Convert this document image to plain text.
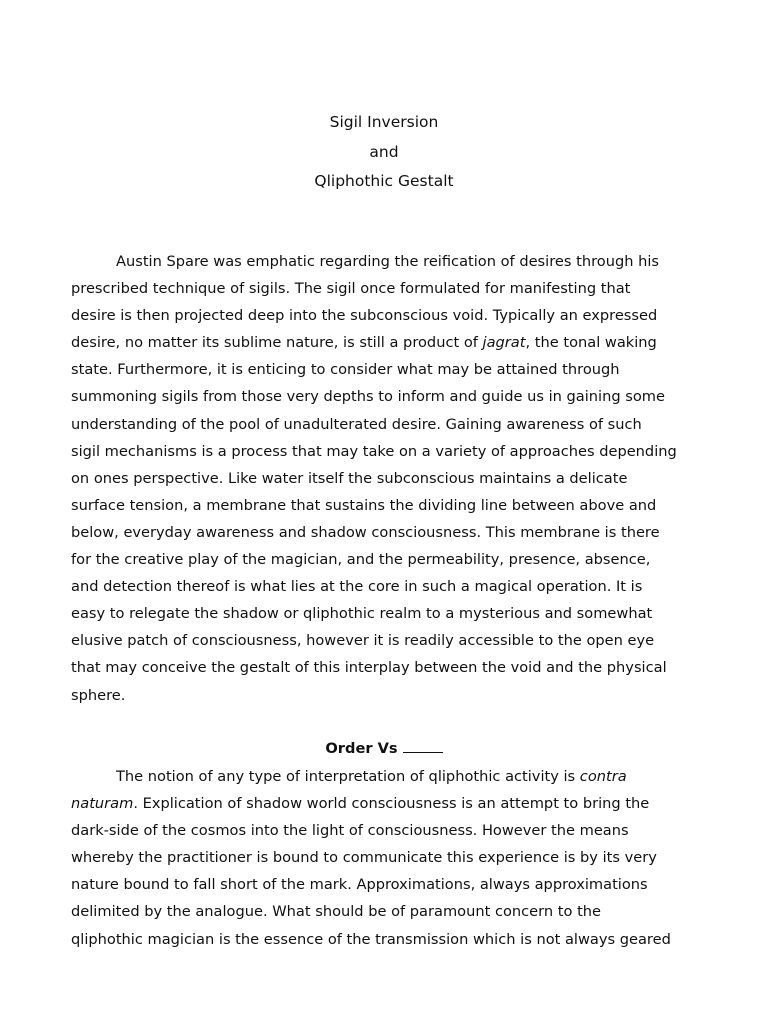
Sigil Inversion
and
Qliphothic Gestalt
Austin Spare was emphatic regarding the reification of desires through his
prescribed technique of sigils. The sigil once formulated for manifesting that
desire is then projected deep into the subconscious void. Typically an expressed
desire, no matter its sublime nature, is still a product of jagrat, the tonal waking
state. Furthermore, it is enticing to consider what may be attained through
summoning sigils from those very depths to inform and guide us in gaining some
understanding of the pool of unadulterated desire. Gaining awareness of such
sigil mechanisms is a process that may take on a variety of approaches depending
on ones perspective. Like water itself the subconscious maintains a delicate
surface tension, a membrane that sustains the dividing line between above and
below, everyday awareness and shadow consciousness. This membrane is there
for the creative play of the magician, and the permeability, presence, absence,
and detection thereof is what lies at the core in such a magical operation. It is
easy to relegate the shadow or qliphothic realm to a mysterious and somewhat
elusive patch of consciousness, however it is readily accessible to the open eye
that may conceive the gestalt of this interplay between the void and the physical
sphere.
Order Vs
The notion of any type of interpretation of qliphothic activity is contra
naturam. Explication of shadow world consciousness is an attempt to bring the
dark-side of the cosmos into the light of consciousness. However the means
whereby the practitioner is bound to communicate this experience is by its very
nature bound to fall short of the mark. Approximations, always approximations
delimited by the analogue. What should be of paramount concern to the
qliphothic magician is the essence of the transmission which is not always geared
